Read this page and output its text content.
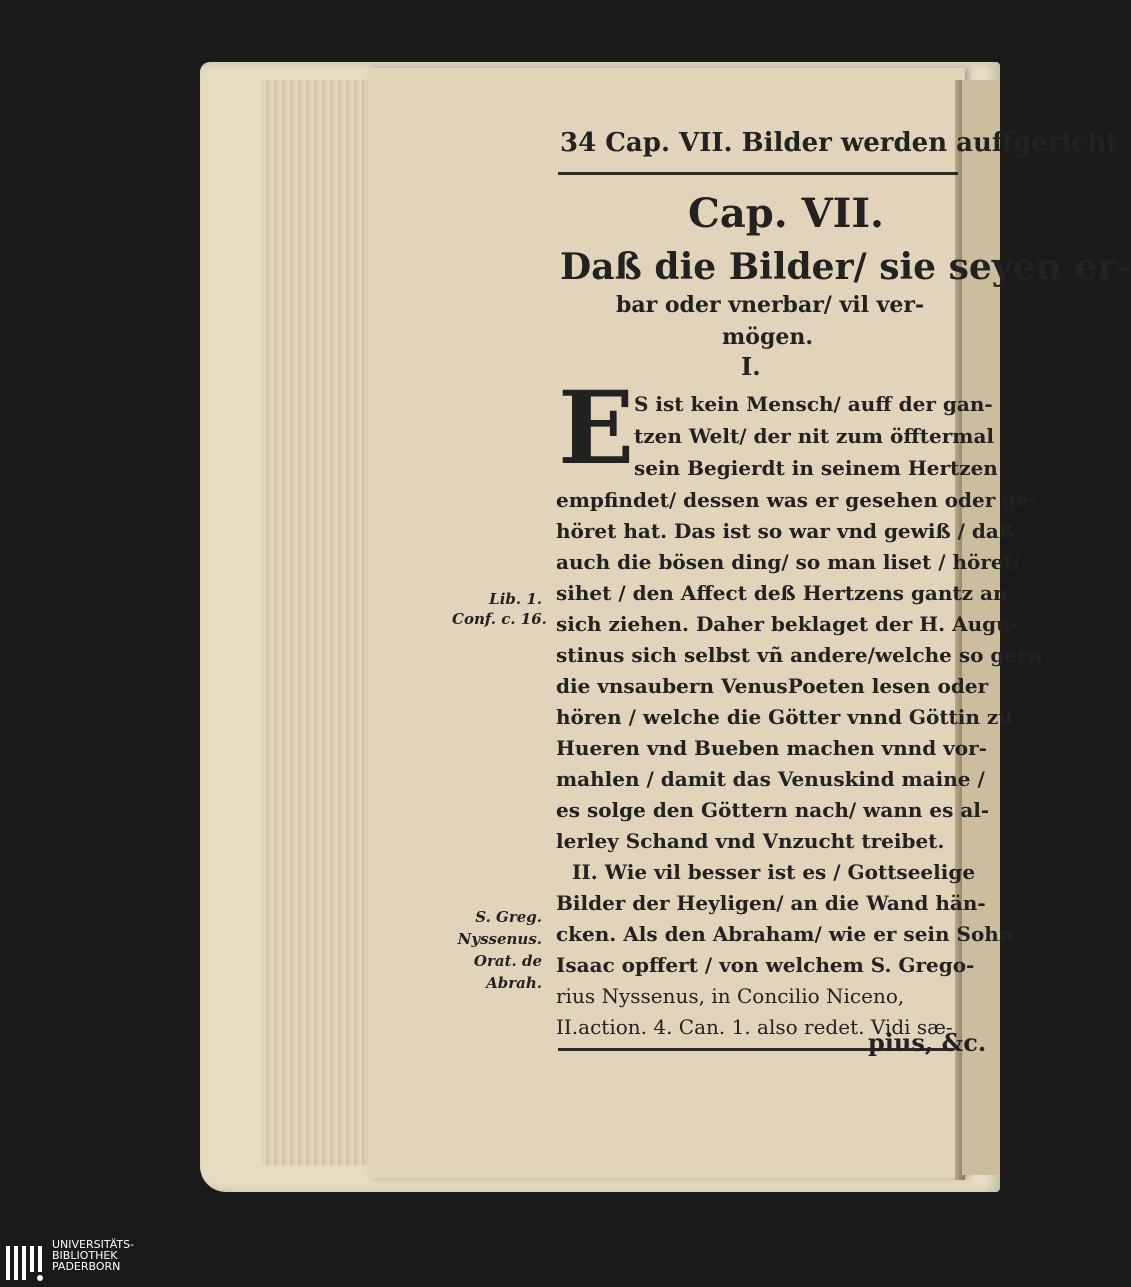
34 Cap. VII. Bilder werden auffgericht
Cap. VII.
Daß die Bilder/ sie seyen er-
bar oder vnerbar/ vil ver-
mögen.
I.
E S ist kein Mensch/ auff der gan-
tzen Welt/ der nit zum öfftermal
sein Begierdt in seinem Hertzen
empfindet/ dessen was er gesehen oder ge-
höret hat. Das ist so war vnd gewiß / daß
auch die bösen ding/ so man liset / höret/
sihet / den Affect deß Hertzens gantz an
sich ziehen. Daher beklaget der H. Augu-
stinus sich selbst vñ andere/welche so gern
die vnsaubern VenusPoeten lesen oder
hören / welche die Götter vnnd Göttin zu
Hueren vnd Bueben machen vnnd vor-
mahlen / damit das Venuskind maine /
es solge den Göttern nach/ wann es al-
lerley Schand vnd Vnzucht treibet.
II. Wie vil besser ist es / Gottseelige
Bilder der Heyligen/ an die Wand hän-
cken. Als den Abraham/ wie er sein Sohn
Isaac opffert / von welchem S. Grego-
rius Nyssenus, in Concilio Niceno,
II.action. 4. Can. 1. also redet. Vidi sæ-
Lib. 1.
Conf. c. 16.
S. Greg.
Nyssenus.
Orat. de
Abrah.
pius, &c.
UNIVERSITÄTS-
BIBLIOTHEK
PADERBORN
